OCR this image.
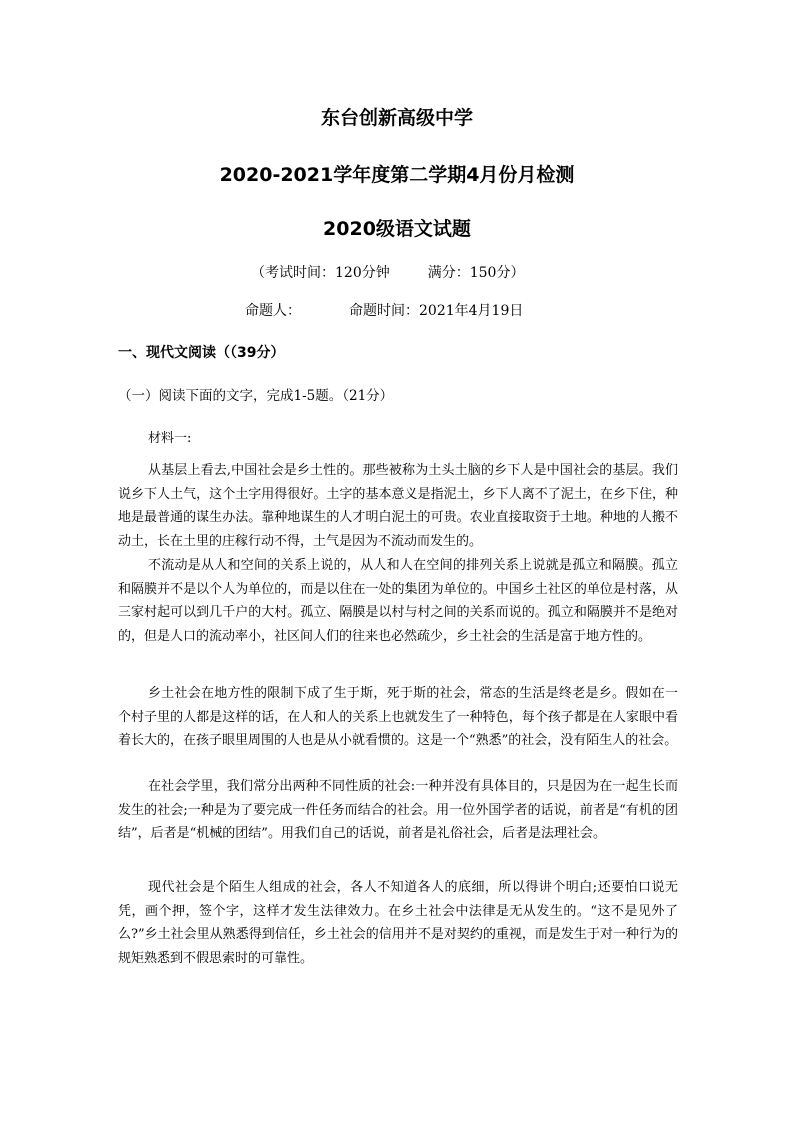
东台创新高级中学
2020-2021学年度第二学期4月份月检测
2020级语文试题
（考试时间：120分钟	满分：150分）
命题人：	命题时间：2021年4月19日
一、现代文阅读（（39分）
（一）阅读下面的文字，完成1-5题。（21分）
材料一:

从基层上看去,中国社会是乡土性的。那些被称为土头土脑的乡下人是中国社会的基层。我们说乡下人土气，这个土字用得很好。土字的基本意义是指泥土，乡下人离不了泥土，在乡下住，种地是最普通的谋生办法。靠种地谋生的人才明白泥土的可贵。农业直接取资于土地。种地的人搬不动土，长在土里的庄稼行动不得，土气是因为不流动而发生的。

不流动是从人和空间的关系上说的，从人和人在空间的排列关系上说就是孤立和隔膜。孤立和隔膜并不是以个人为单位的，而是以住在一处的集团为单位的。中国乡土社区的单位是村落，从三家村起可以到几千户的大村。孤立、隔膜是以村与村之间的关系而说的。孤立和隔膜并不是绝对的，但是人口的流动率小，社区间人们的往来也必然疏少，乡土社会的生活是富于地方性的。

乡土社会在地方性的限制下成了生于斯，死于斯的社会，常态的生活是终老是乡。假如在一个村子里的人都是这样的话，在人和人的关系上也就发生了一种特色，每个孩子都是在人家眼中看着长大的，在孩子眼里周围的人也是从小就看惯的。这是一个“熟悉”的社会，没有陌生人的社会。

在社会学里，我们常分出两种不同性质的社会:一种并没有具体目的，只是因为在一起生长而发生的社会;一种是为了要完成一件任务而结合的社会。用一位外国学者的话说，前者是“有机的团结”，后者是“机械的团结”。用我们自己的话说，前者是礼俗社会，后者是法理社会。

现代社会是个陌生人组成的社会，各人不知道各人的底细，所以得讲个明白;还要怕口说无凭，画个押，签个字，这样才发生法律效力。在乡土社会中法律是无从发生的。“这不是见外了么?”乡土社会里从熟悉得到信任，乡土社会的信用并不是对契约的重视，而是发生于对一种行为的规矩熟悉到不假思索时的可靠性。
